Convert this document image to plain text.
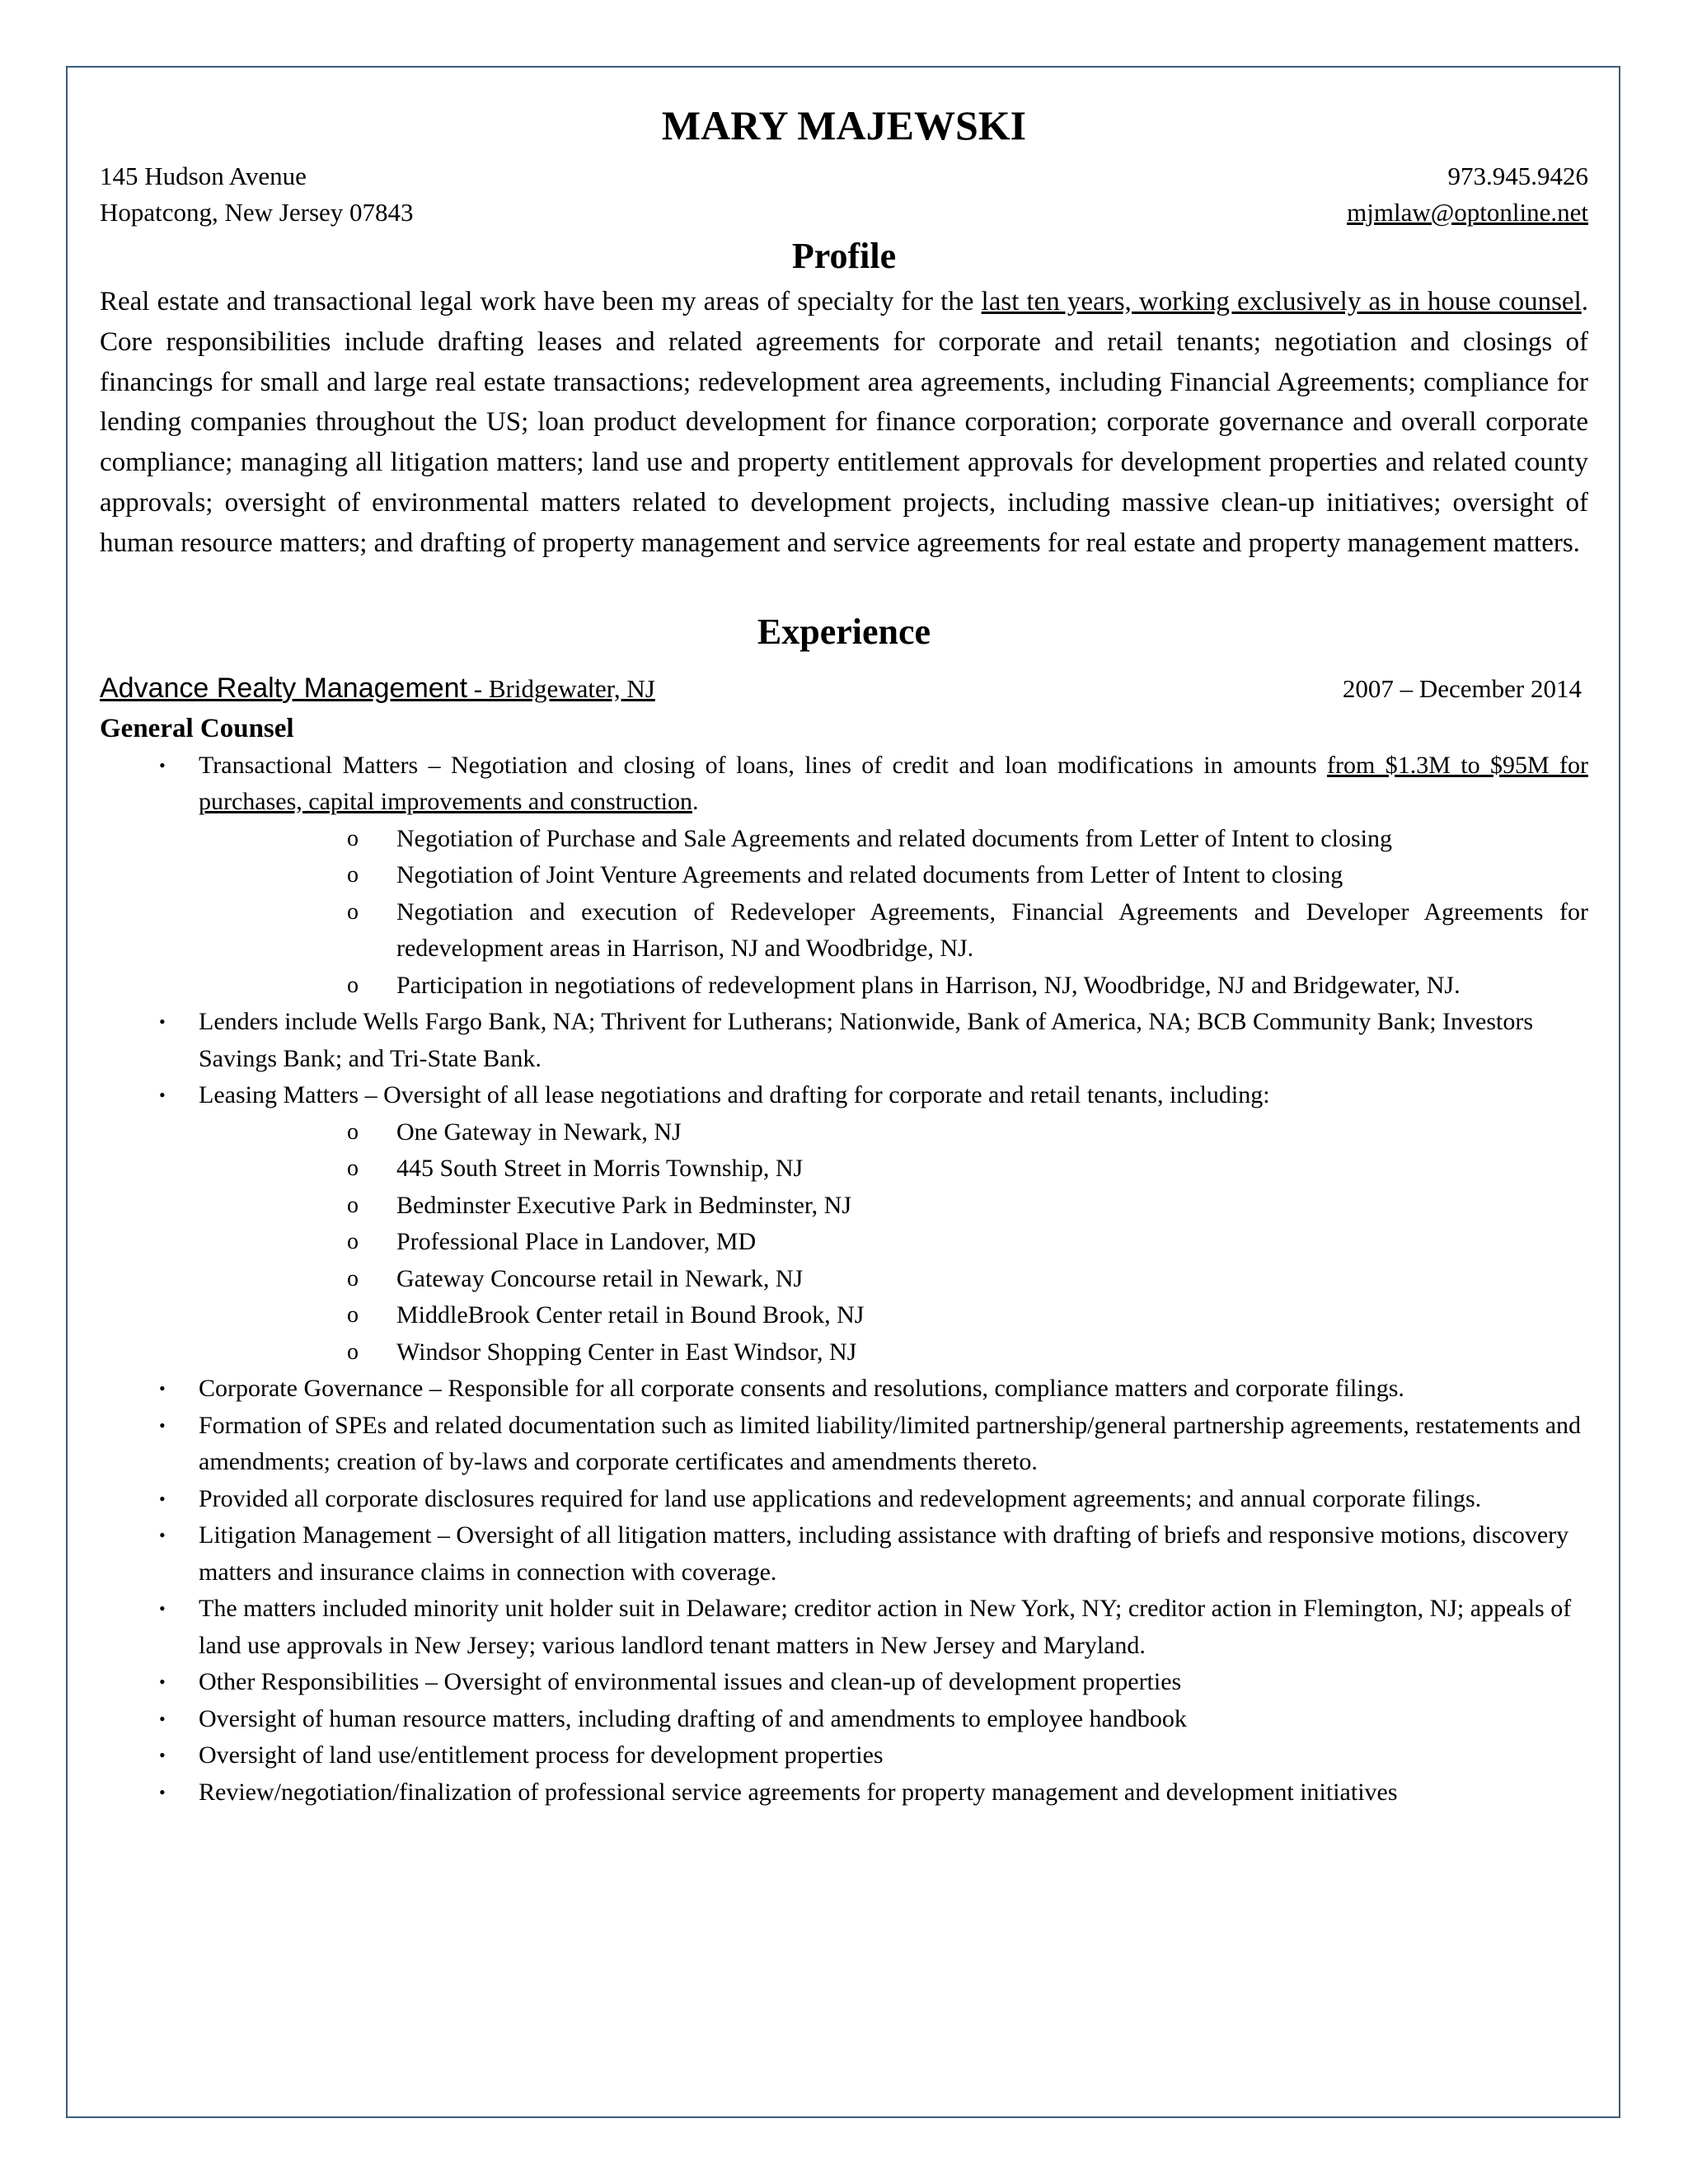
MARY MAJEWSKI
145 Hudson Avenue	973.945.9426
Hopatcong, New Jersey 07843	mjmlaw@optonline.net
Profile

Real estate and transactional legal work have been my areas of specialty for the last ten years, working exclusively as in house counsel. Core responsibilities include drafting leases and related agreements for corporate and retail tenants; negotiation and closings of financings for small and large real estate transactions; redevelopment area agreements, including Financial Agreements; compliance for lending companies throughout the US; loan product development for finance corporation; corporate governance and overall corporate compliance; managing all litigation matters; land use and property entitlement approvals for development properties and related county approvals; oversight of environmental matters related to development projects, including massive clean-up initiatives; oversight of human resource matters; and drafting of property management and service agreements for real estate and property management matters.

Experience
Advance Realty Management - Bridgewater, NJ	2007 – December 2014

General Counsel

• Transactional Matters – Negotiation and closing of loans, lines of credit and loan modifications in amounts from $1.3M to $95M for purchases, capital improvements and construction.
o Negotiation of Purchase and Sale Agreements and related documents from Letter of Intent to closing
o Negotiation of Joint Venture Agreements and related documents from Letter of Intent to closing
o Negotiation and execution of Redeveloper Agreements, Financial Agreements and Developer Agreements for redevelopment areas in Harrison, NJ and Woodbridge, NJ.
o Participation in negotiations of redevelopment plans in Harrison, NJ, Woodbridge, NJ and Bridgewater, NJ.
• Lenders include Wells Fargo Bank, NA; Thrivent for Lutherans; Nationwide, Bank of America, NA; BCB Community Bank; Investors Savings Bank; and Tri-State Bank.
• Leasing Matters – Oversight of all lease negotiations and drafting for corporate and retail tenants, including:
o One Gateway in Newark, NJ
o 445 South Street in Morris Township, NJ
o Bedminster Executive Park in Bedminster, NJ
o Professional Place in Landover, MD
o Gateway Concourse retail in Newark, NJ
o MiddleBrook Center retail in Bound Brook, NJ
o Windsor Shopping Center in East Windsor, NJ
• Corporate Governance – Responsible for all corporate consents and resolutions, compliance matters and corporate filings.
• Formation of SPEs and related documentation such as limited liability/limited partnership/general partnership agreements, restatements and amendments; creation of by-laws and corporate certificates and amendments thereto.
• Provided all corporate disclosures required for land use applications and redevelopment agreements; and annual corporate filings.
• Litigation Management – Oversight of all litigation matters, including assistance with drafting of briefs and responsive motions, discovery matters and insurance claims in connection with coverage.
• The matters included minority unit holder suit in Delaware; creditor action in New York, NY; creditor action in Flemington, NJ; appeals of land use approvals in New Jersey; various landlord tenant matters in New Jersey and Maryland.
• Other Responsibilities – Oversight of environmental issues and clean-up of development properties
• Oversight of human resource matters, including drafting of and amendments to employee handbook
• Oversight of land use/entitlement process for development properties
• Review/negotiation/finalization of professional service agreements for property management and development initiatives
